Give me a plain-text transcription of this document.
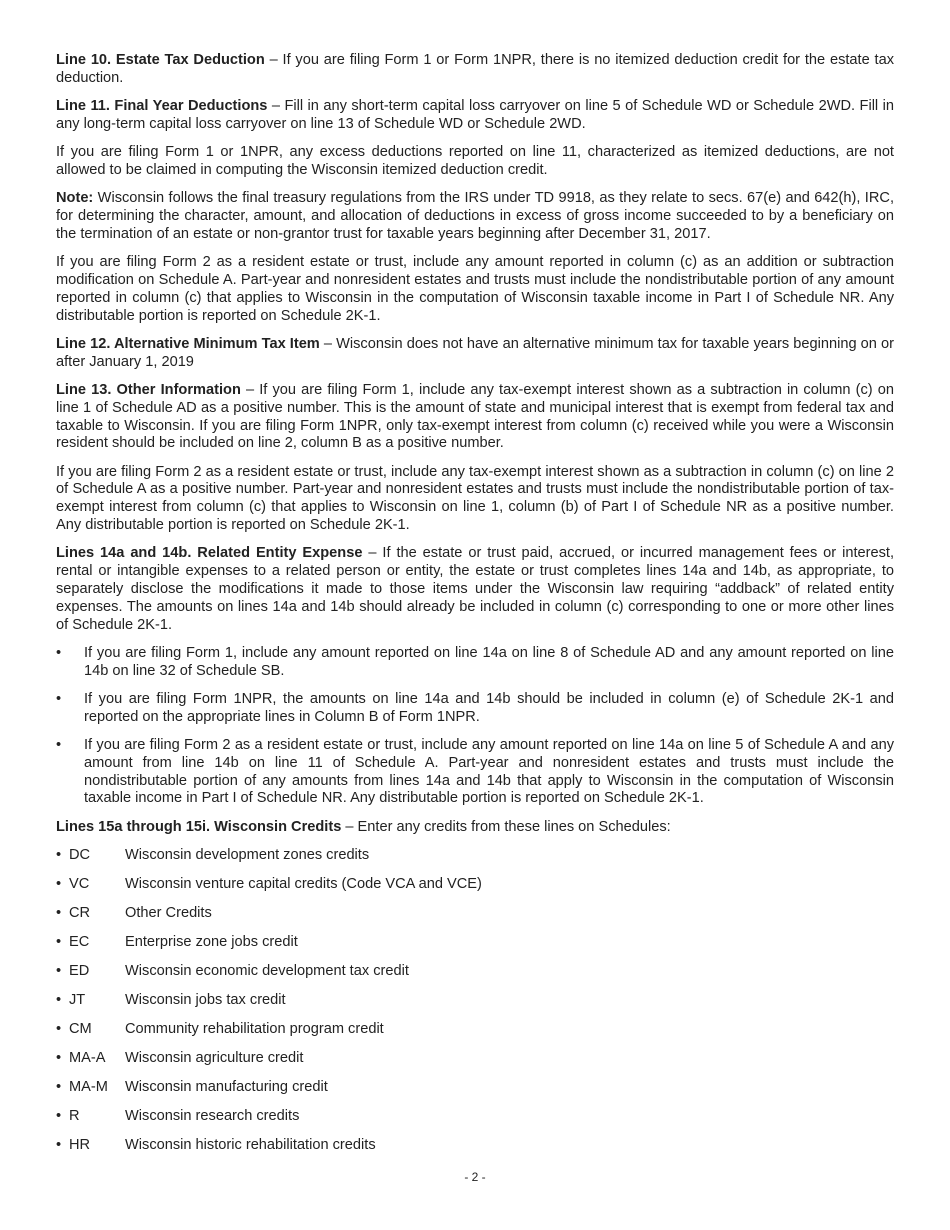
Line 10. Estate Tax Deduction – If you are filing Form 1 or Form 1NPR, there is no itemized deduction credit for the estate tax deduction.

Line 11. Final Year Deductions – Fill in any short-term capital loss carryover on line 5 of Schedule WD or Schedule 2WD. Fill in any long-term capital loss carryover on line 13 of Schedule WD or Schedule 2WD.

If you are filing Form 1 or 1NPR, any excess deductions reported on line 11, characterized as itemized deductions, are not allowed to be claimed in computing the Wisconsin itemized deduction credit.

Note: Wisconsin follows the final treasury regulations from the IRS under TD 9918, as they relate to secs. 67(e) and 642(h), IRC, for determining the character, amount, and allocation of deductions in excess of gross income succeeded to by a beneficiary on the termination of an estate or non-grantor trust for taxable years beginning after December 31, 2017.

If you are filing Form 2 as a resident estate or trust, include any amount reported in column (c) as an addition or subtraction modification on Schedule A. Part-year and nonresident estates and trusts must include the nondistributable portion of any amount reported in column (c) that applies to Wisconsin in the computation of Wisconsin taxable income in Part I of Schedule NR. Any distributable portion is reported on Schedule 2K-1.

Line 12. Alternative Minimum Tax Item – Wisconsin does not have an alternative minimum tax for taxable years beginning on or after January 1, 2019

Line 13. Other Information – If you are filing Form 1, include any tax-exempt interest shown as a subtraction in column (c) on line 1 of Schedule AD as a positive number. This is the amount of state and municipal interest that is exempt from federal tax and taxable to Wisconsin. If you are filing Form 1NPR, only tax-exempt interest from column (c) received while you were a Wisconsin resident should be included on line 2, column B as a positive number.

If you are filing Form 2 as a resident estate or trust, include any tax-exempt interest shown as a subtraction in column (c) on line 2 of Schedule A as a positive number. Part-year and nonresident estates and trusts must include the nondistributable portion of tax-exempt interest from column (c) that applies to Wisconsin on line 1, column (b) of Part I of Schedule NR as a positive number. Any distributable portion is reported on Schedule 2K-1.

Lines 14a and 14b. Related Entity Expense – If the estate or trust paid, accrued, or incurred management fees or interest, rental or intangible expenses to a related person or entity, the estate or trust completes lines 14a and 14b, as appropriate, to separately disclose the modifications it made to those items under the Wisconsin law requiring “addback” of related entity expenses. The amounts on lines 14a and 14b should already be included in column (c) corresponding to one or more other lines of Schedule 2K-1.

• If you are filing Form 1, include any amount reported on line 14a on line 8 of Schedule AD and any amount reported on line 14b on line 32 of Schedule SB.
• If you are filing Form 1NPR, the amounts on line 14a and 14b should be included in column (e) of Schedule 2K-1 and reported on the appropriate lines in Column B of Form 1NPR.
• If you are filing Form 2 as a resident estate or trust, include any amount reported on line 14a on line 5 of Schedule A and any amount from line 14b on line 11 of Schedule A. Part-year and nonresident estates and trusts must include the nondistributable portion of any amounts from lines 14a and 14b that apply to Wisconsin in the computation of Wisconsin taxable income in Part I of Schedule NR. Any distributable portion is reported on Schedule 2K-1.

Lines 15a through 15i. Wisconsin Credits – Enter any credits from these lines on Schedules:

• DC	Wisconsin development zones credits
• VC	Wisconsin venture capital credits (Code VCA and VCE)
• CR	Other Credits
• EC	Enterprise zone jobs credit
• ED	Wisconsin economic development tax credit
• JT	Wisconsin jobs tax credit
• CM	Community rehabilitation program credit
• MA-A	Wisconsin agriculture credit
• MA-M	Wisconsin manufacturing credit
• R	Wisconsin research credits
• HR	Wisconsin historic rehabilitation credits
- 2 -
